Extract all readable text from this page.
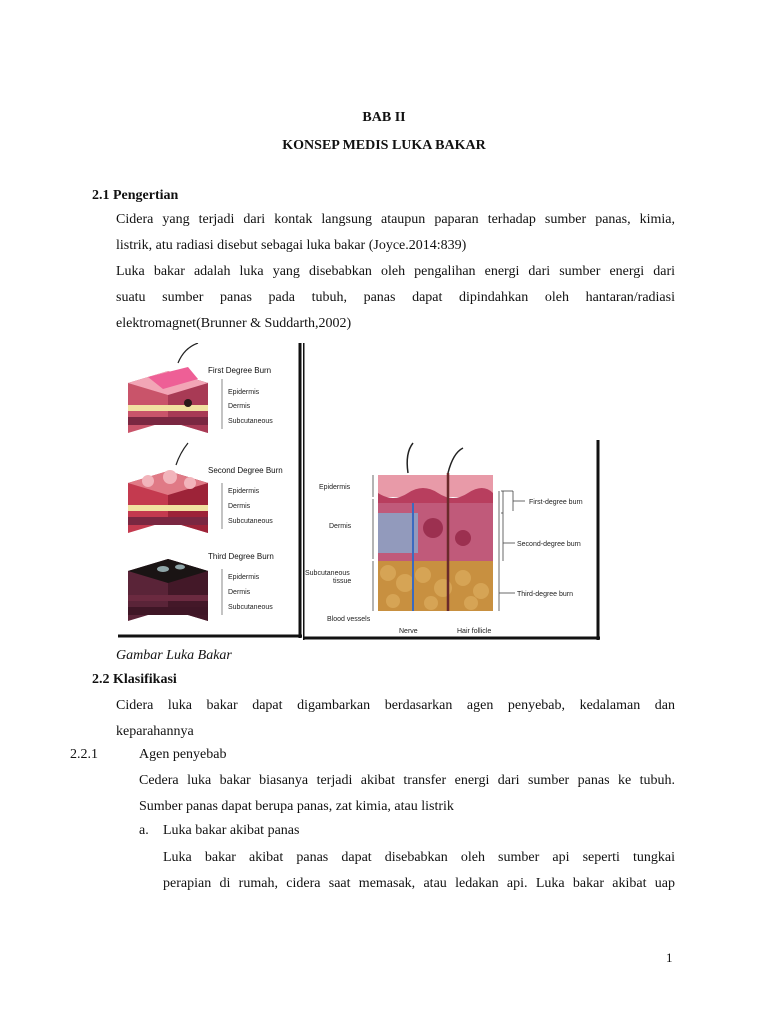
BAB II
KONSEP MEDIS LUKA BAKAR
2.1 Pengertian
Cidera yang terjadi dari kontak langsung ataupun paparan terhadap sumber panas, kimia,
listrik, atu radiasi disebut sebagai luka bakar (Joyce.2014:839)
Luka bakar adalah luka yang disebabkan oleh pengalihan energi dari sumber energi dari
suatu sumber panas pada tubuh, panas dapat dipindahkan oleh hantaran/radiasi
elektromagnet(Brunner & Suddarth,2002)
First Degree Burn
Epidermis
Dermis
Subcutaneous
Second Degree Burn
Epidermis
Dermis
Subcutaneous
Third Degree Burn
Epidermis
Dermis
Subcutaneous
Epidermis
Dermis
Subcutaneous
tissue
Blood vessels
Nerve	Hair follicle
First-degree burn
Second-degree burn
Third-degree burn
Gambar Luka Bakar
2.2 Klasifikasi
Cidera luka bakar dapat digambarkan berdasarkan agen penyebab, kedalaman dan
keparahannya
2.2.1	Agen penyebab
Cedera luka bakar biasanya terjadi akibat transfer energi dari sumber panas ke tubuh.
Sumber panas dapat berupa panas, zat kimia, atau listrik
a. Luka bakar akibat panas
Luka bakar akibat panas dapat disebabkan oleh sumber api seperti tungkai
perapian di rumah, cidera saat memasak, atau ledakan api. Luka bakar akibat uap
1
